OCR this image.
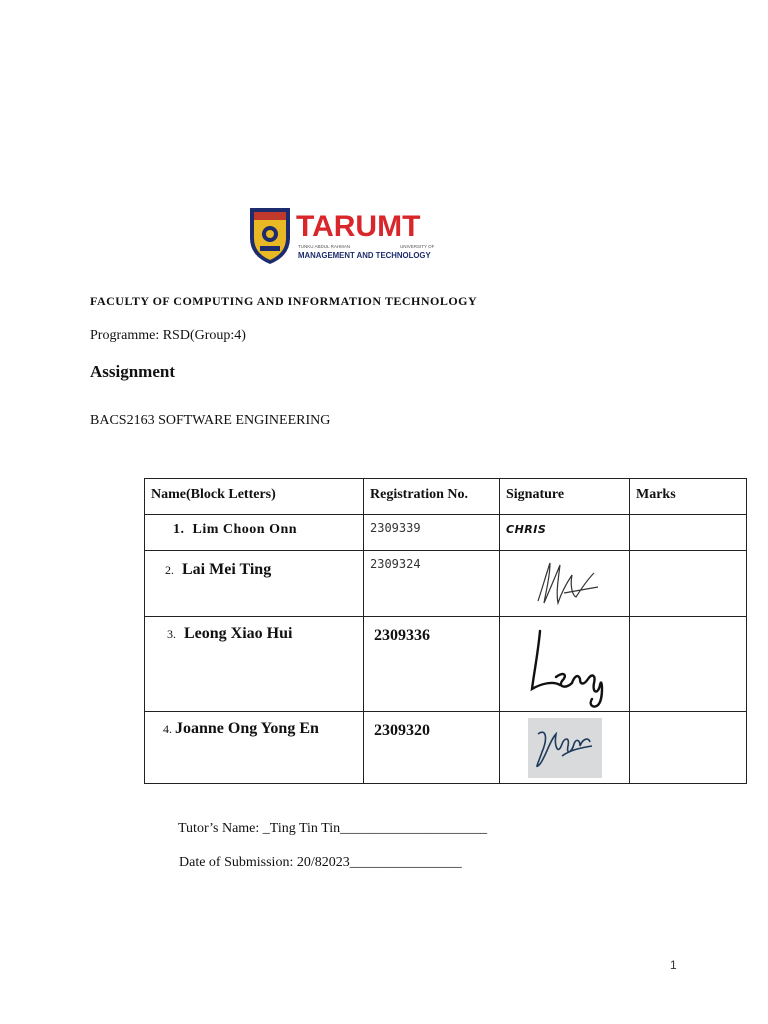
TARUMT
TUNKU ABDUL RAHMAN	UNIVERSITY OF
MANAGEMENT AND TECHNOLOGY
FACULTY OF COMPUTING AND INFORMATION TECHNOLOGY
Programme: RSD(Group:4)
Assignment
BACS2163 SOFTWARE ENGINEERING
Name(Block Letters)	Registration No.	Signature	Marks

1. Lim Choon Onn	2309339	CHRIS	

2. Lai Mei Ting	2309324

3. Leong Xiao Hui	2309336

4. Joanne Ong Yong En	2309320

Tutor’s Name: _Ting Tin Tin_____________________
Date of Submission: 20/82023________________
1
